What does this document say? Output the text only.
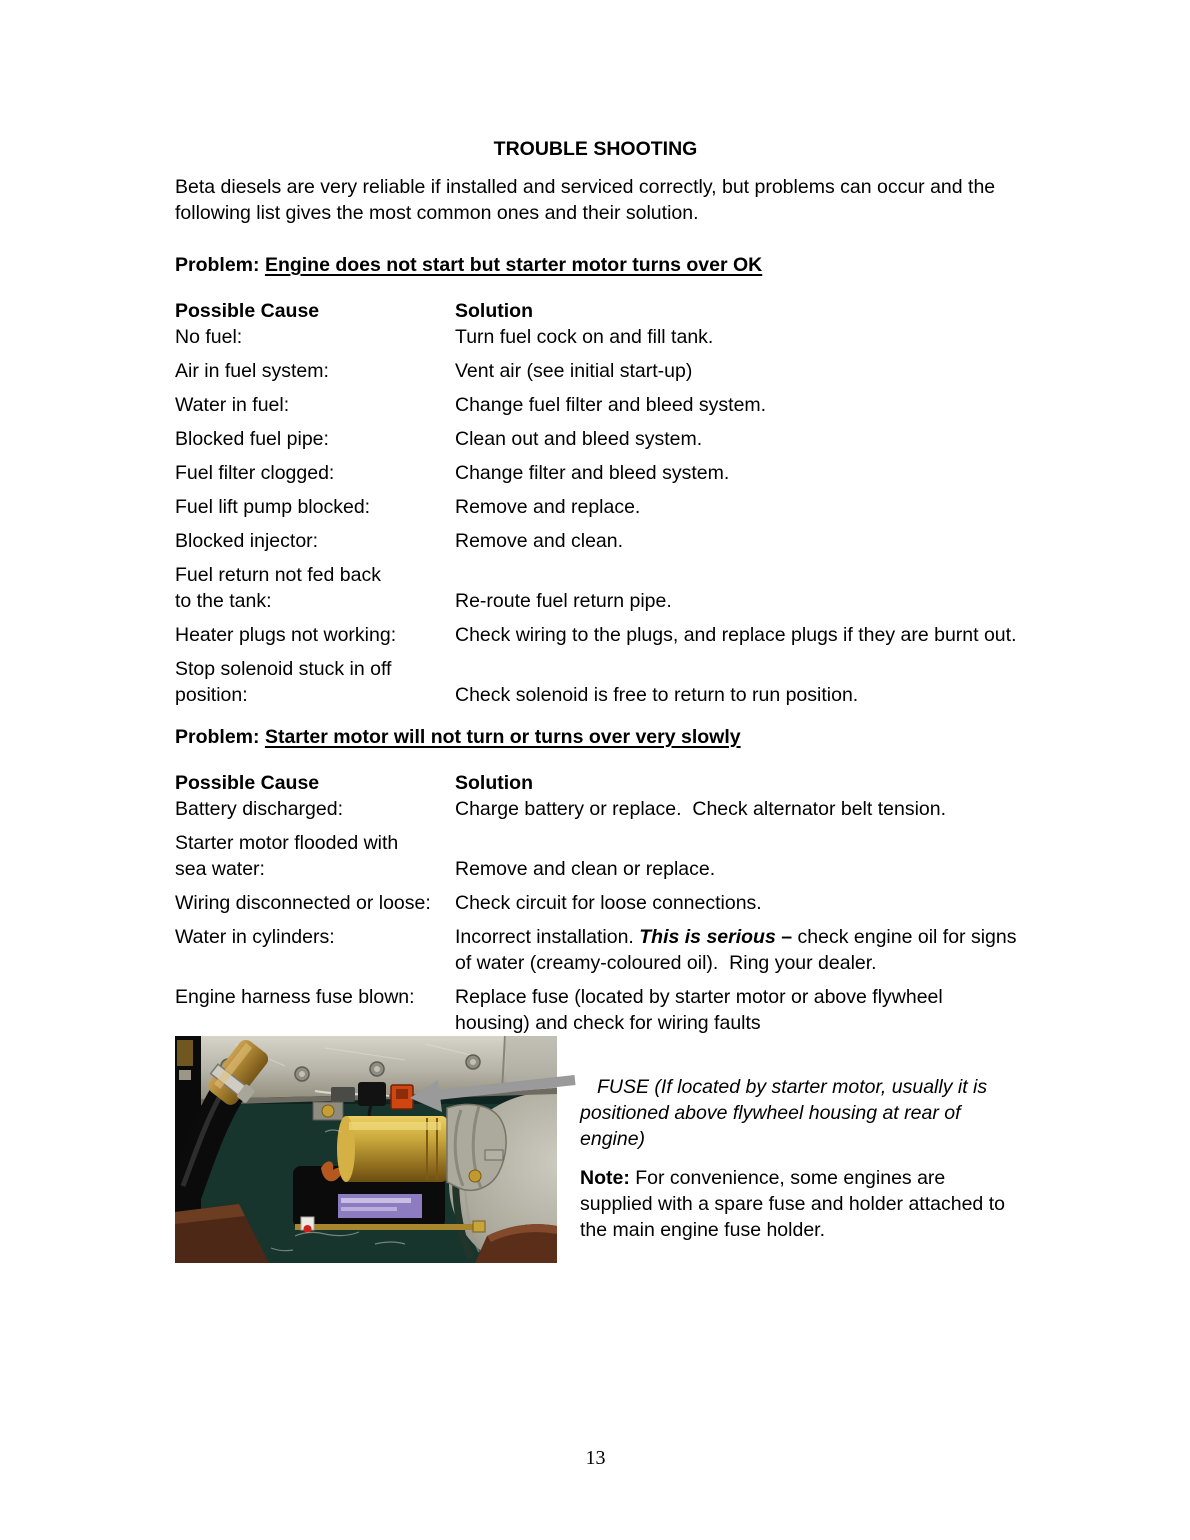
TROUBLE SHOOTING

Beta diesels are very reliable if installed and serviced correctly, but problems can occur and the
following list gives the most common ones and their solution.

Problem: Engine does not start but starter motor turns over OK

Possible Cause	Solution
No fuel:	Turn fuel cock on and fill tank.
Air in fuel system:	Vent air (see initial start-up)
Water in fuel:	Change fuel filter and bleed system.
Blocked fuel pipe:	Clean out and bleed system.
Fuel filter clogged:	Change filter and bleed system.
Fuel lift pump blocked:	Remove and replace.
Blocked injector:	Remove and clean.
Fuel return not fed back
to the tank:	Re-route fuel return pipe.
Heater plugs not working:	Check wiring to the plugs, and replace plugs if they are burnt out.
Stop solenoid stuck in off
position:	Check solenoid is free to return to run position.

Problem: Starter motor will not turn or turns over very slowly

Possible Cause	Solution
Battery discharged:	Charge battery or replace.  Check alternator belt tension.
Starter motor flooded with
sea water:	Remove and clean or replace.
Wiring disconnected or loose:	Check circuit for loose connections.
Water in cylinders:	Incorrect installation. This is serious – check engine oil for signs
of water (creamy-coloured oil).  Ring your dealer.
Engine harness fuse blown:	Replace fuse (located by starter motor or above flywheel
housing) and check for wiring faults

FUSE (If located by starter motor, usually it is
positioned above flywheel housing at rear of
engine)

Note: For convenience, some engines are
supplied with a spare fuse and holder attached to
the main engine fuse holder.

13
